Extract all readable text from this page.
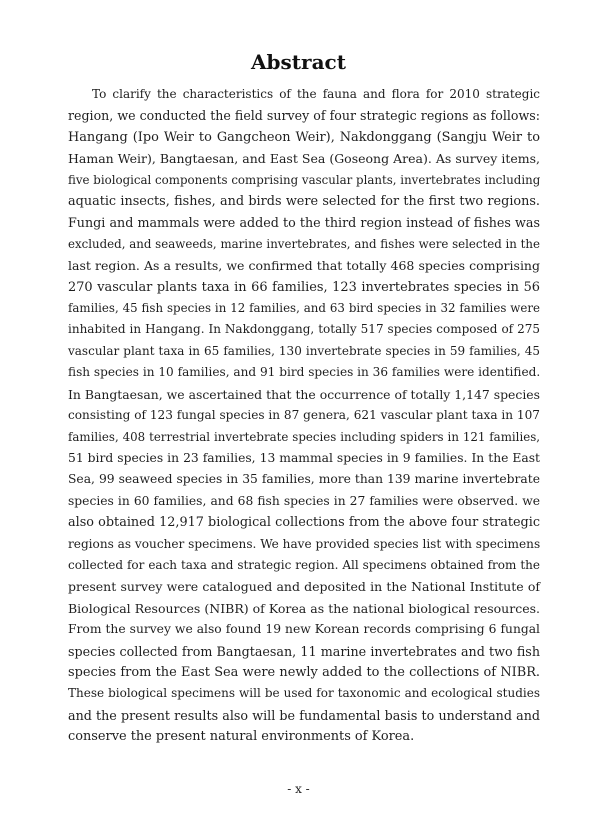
Abstract
To clarify the characteristics of the fauna and flora for 2010 strategic
region, we conducted the field survey of four strategic regions as follows:
Hangang (Ipo Weir to Gangcheon Weir), Nakdonggang (Sangju Weir to
Haman Weir), Bangtaesan, and East Sea (Goseong Area). As survey items,
five biological components comprising vascular plants, invertebrates including
aquatic insects, fishes, and birds were selected for the first two regions.
Fungi and mammals were added to the third region instead of fishes was
excluded, and seaweeds, marine invertebrates, and fishes were selected in the
last region. As a results, we confirmed that totally 468 species comprising
270 vascular plants taxa in 66 families, 123 invertebrates species in 56
families, 45 fish species in 12 families, and 63 bird species in 32 families were
inhabited in Hangang. In Nakdonggang, totally 517 species composed of 275
vascular plant taxa in 65 families, 130 invertebrate species in 59 families, 45
fish species in 10 families, and 91 bird species in 36 families were identified.
In Bangtaesan, we ascertained that the occurrence of totally 1,147 species
consisting of 123 fungal species in 87 genera, 621 vascular plant taxa in 107
families, 408 terrestrial invertebrate species including spiders in 121 families,
51 bird species in 23 families, 13 mammal species in 9 families. In the East
Sea, 99 seaweed species in 35 families, more than 139 marine invertebrate
species in 60 families, and 68 fish species in 27 families were observed. we
also obtained 12,917 biological collections from the above four strategic
regions as voucher specimens. We have provided species list with specimens
collected for each taxa and strategic region. All specimens obtained from the
present survey were catalogued and deposited in the National Institute of
Biological Resources (NIBR) of Korea as the national biological resources.
From the survey we also found 19 new Korean records comprising 6 fungal
species collected from Bangtaesan, 11 marine invertebrates and two fish
species from the East Sea were newly added to the collections of NIBR.
These biological specimens will be used for taxonomic and ecological studies
and the present results also will be fundamental basis to understand and
conserve the present natural environments of Korea.
- x -
